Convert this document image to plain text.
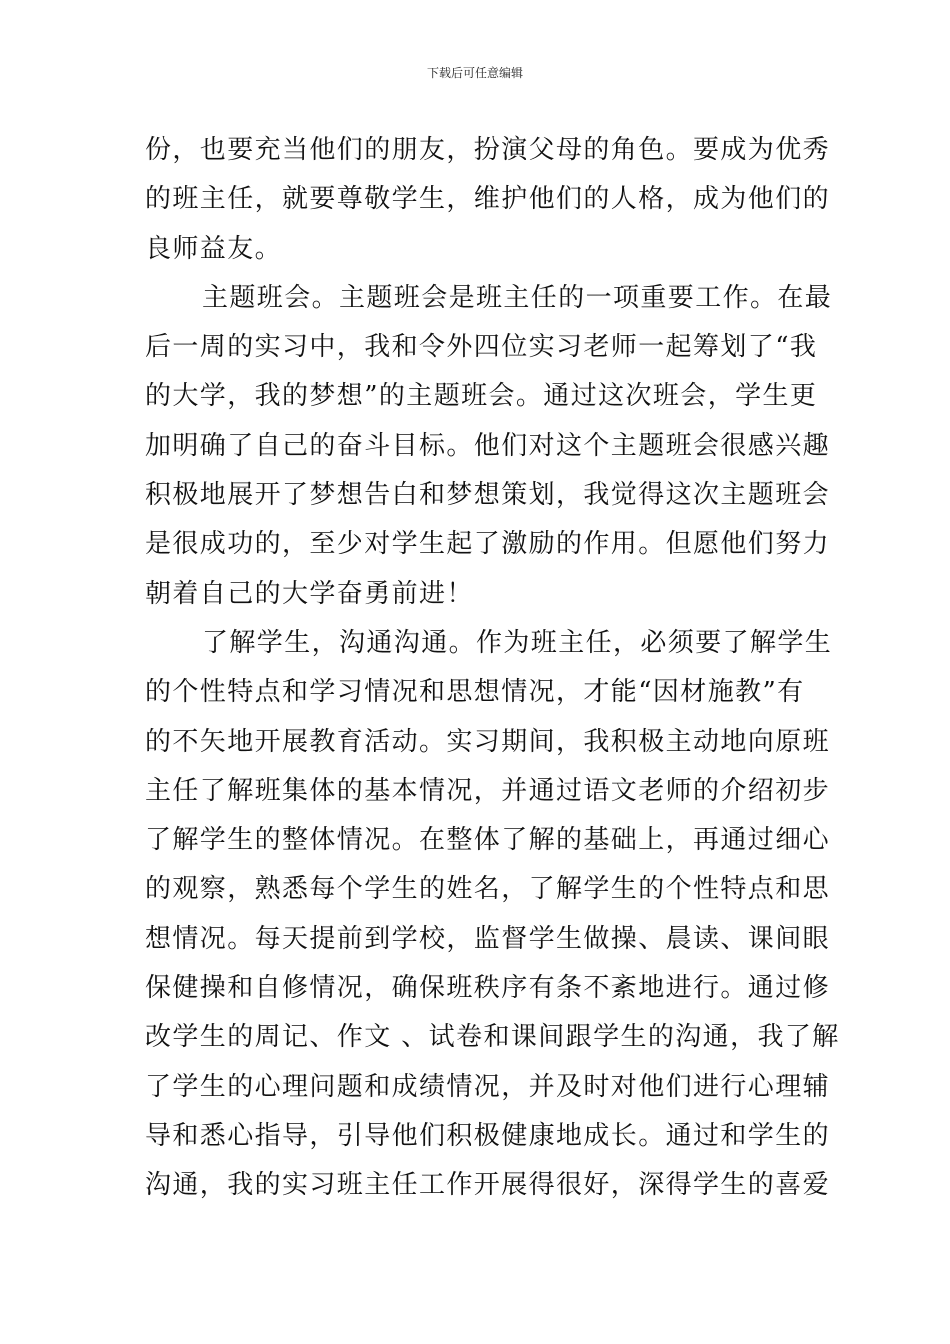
下载后可任意编辑
份，也要充当他们的朋友，扮演父母的角色。要成为优秀
的班主任，就要尊敬学生，维护他们的人格，成为他们的
良师益友。
主题班会。主题班会是班主任的一项重要工作。在最
后一周的实习中，我和令外四位实习老师一起筹划了“我
的大学，我的梦想”的主题班会。通过这次班会，学生更
加明确了自己的奋斗目标。他们对这个主题班会很感兴趣
积极地展开了梦想告白和梦想策划，我觉得这次主题班会
是很成功的，至少对学生起了激励的作用。但愿他们努力
朝着自己的大学奋勇前进！
了解学生，沟通沟通。作为班主任，必须要了解学生
的个性特点和学习情况和思想情况，才能“因材施教”有
的不矢地开展教育活动。实习期间，我积极主动地向原班
主任了解班集体的基本情况，并通过语文老师的介绍初步
了解学生的整体情况。在整体了解的基础上，再通过细心
的观察，熟悉每个学生的姓名，了解学生的个性特点和思
想情况。每天提前到学校，监督学生做操、晨读、课间眼
保健操和自修情况，确保班秩序有条不紊地进行。通过修
改学生的周记、作文 、试卷和课间跟学生的沟通，我了解
了学生的心理问题和成绩情况，并及时对他们进行心理辅
导和悉心指导，引导他们积极健康地成长。通过和学生的
沟通，我的实习班主任工作开展得很好，深得学生的喜爱
